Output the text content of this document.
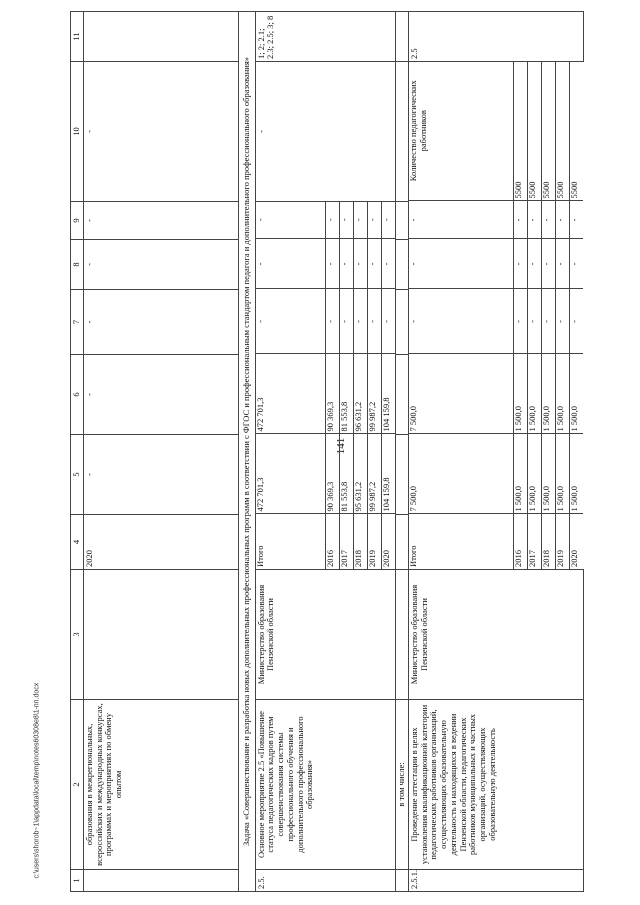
141
c:\users\shorob~1\appdata\local\temp\notes60308e8\1-пп.docx
1	2	3	4	5	6	7	8	9	10	11
	образования в межрегиональных, всероссийских и международных конкурсах, программах и мероприятиях по обмену опытом		2020	-	-	-	-	-	-	
Задача «Совершенствование и разработка новых дополнительных профессиональных программ в соответствии с ФГОС и профессиональным стандартом педагога и дополнительного профессионального образования»
2.5.	Основное мероприятие 2.5 «Повышение статуса педагогических кадров путем совершенствования системы профессионального обучения и дополнительного профессионального образования»	Министерство образования Пензенской области	
Итого	472 701,3	472 701,3	-	-	-
2016	90 369,3	90 369,3	-	-	-
2017	81 553,8	81 553,8	-	-	-
2018	95 631,2	96 631,2	-	-	-
2019	99 987,2	99 987,2	-	-	-
2020	104 159,8	104 159,8	-	-	-
	-	1; 2; 2.1; 2.3; 2.5; 3; 8
	в том числе:									
2.5.1.	Проведение аттестации в целях установления квалификационной категории педагогических работников организаций, осуществляющих образовательную деятельность и находящихся в ведении Пензенской области, педагогических работников муниципальных и частных организаций, осуществляющих образовательную деятельность	Министерство образования Пензенской области	
Итого	7 500,0	7 500,0	-	-	-	Количество педагогических работников
2016	1 500,0	1 500,0	-	-	-	5500
2017	1 500,0	1 500,0	-	-	-	5500
2018	1 500,0	1 500,0	-	-	-	5500
2019	1 500,0	1 500,0	-	-	-	5500
2020	1 500,0	1 500,0	-	-	-	5500
	2.5
